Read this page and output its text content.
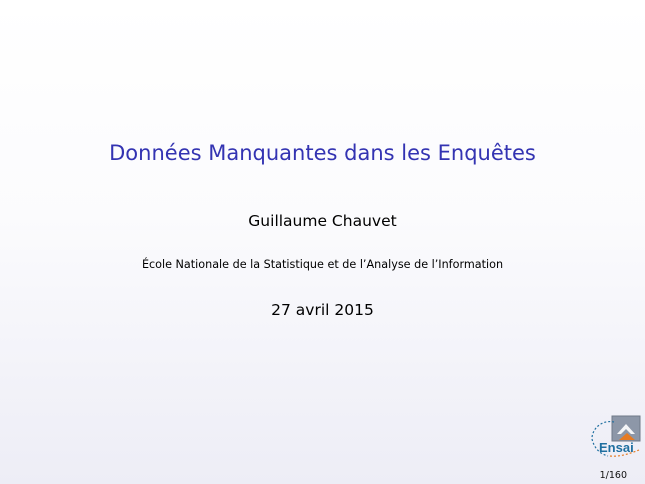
Données Manquantes dans les Enquêtes
Guillaume Chauvet
École Nationale de la Statistique et de l’Analyse de l’Information
27 avril 2015
Ensai
1/160
